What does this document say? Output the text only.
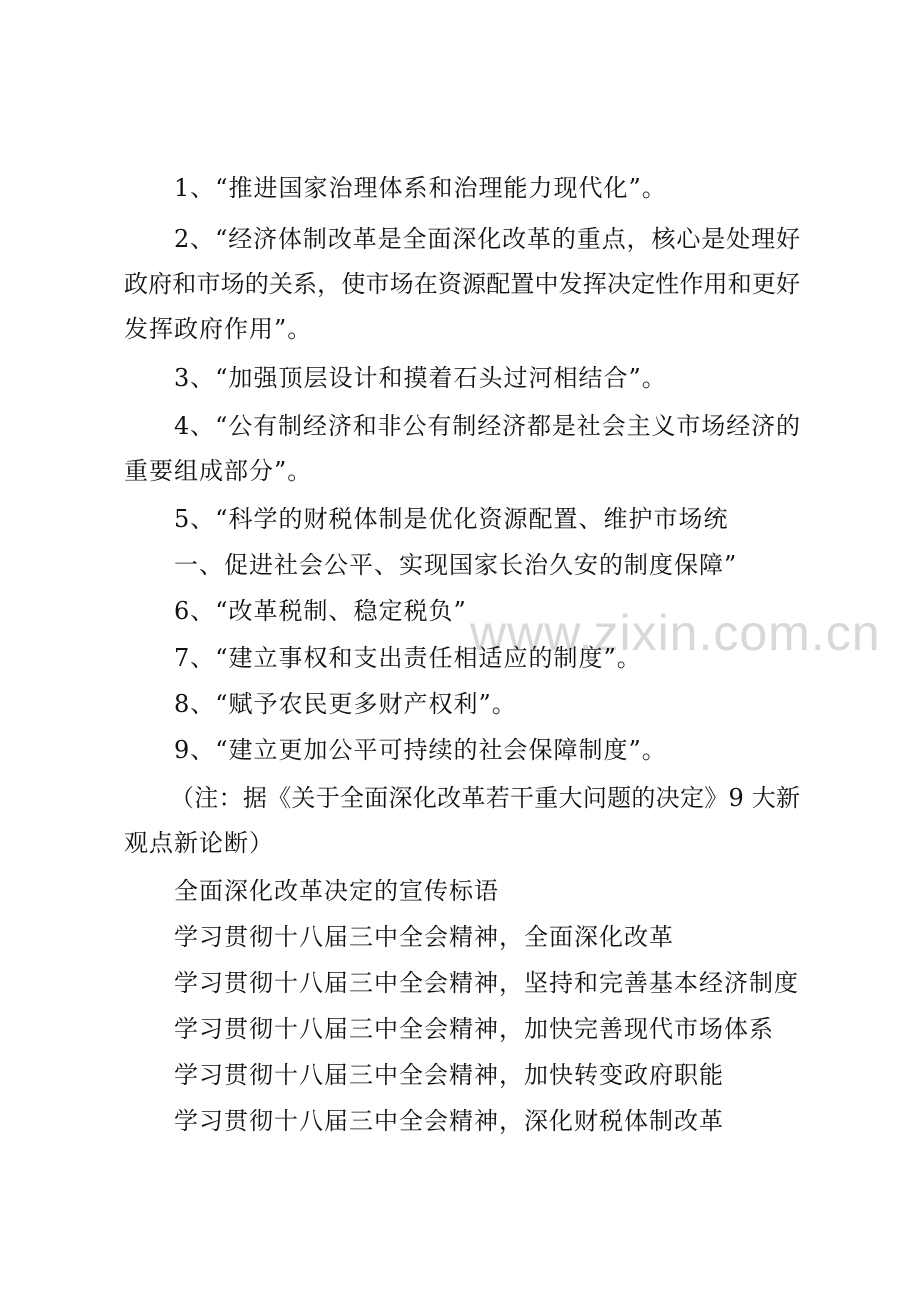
www.zixin.com.cn
1、“推进国家治理体系和治理能力现代化”。
2、“经济体制改革是全面深化改革的重点，核心是处理好
政府和市场的关系，使市场在资源配置中发挥决定性作用和更好
发挥政府作用”。
3、“加强顶层设计和摸着石头过河相结合”。
4、“公有制经济和非公有制经济都是社会主义市场经济的
重要组成部分”。
5、“科学的财税体制是优化资源配置、维护市场统
一、促进社会公平、实现国家长治久安的制度保障”
6、“改革税制、稳定税负”
7、“建立事权和支出责任相适应的制度”。
8、“赋予农民更多财产权利”。
9、“建立更加公平可持续的社会保障制度”。
（注：据《关于全面深化改革若干重大问题的决定》9 大新
观点新论断）
全面深化改革决定的宣传标语
学习贯彻十八届三中全会精神，全面深化改革
学习贯彻十八届三中全会精神，坚持和完善基本经济制度
学习贯彻十八届三中全会精神，加快完善现代市场体系
学习贯彻十八届三中全会精神，加快转变政府职能
学习贯彻十八届三中全会精神，深化财税体制改革
